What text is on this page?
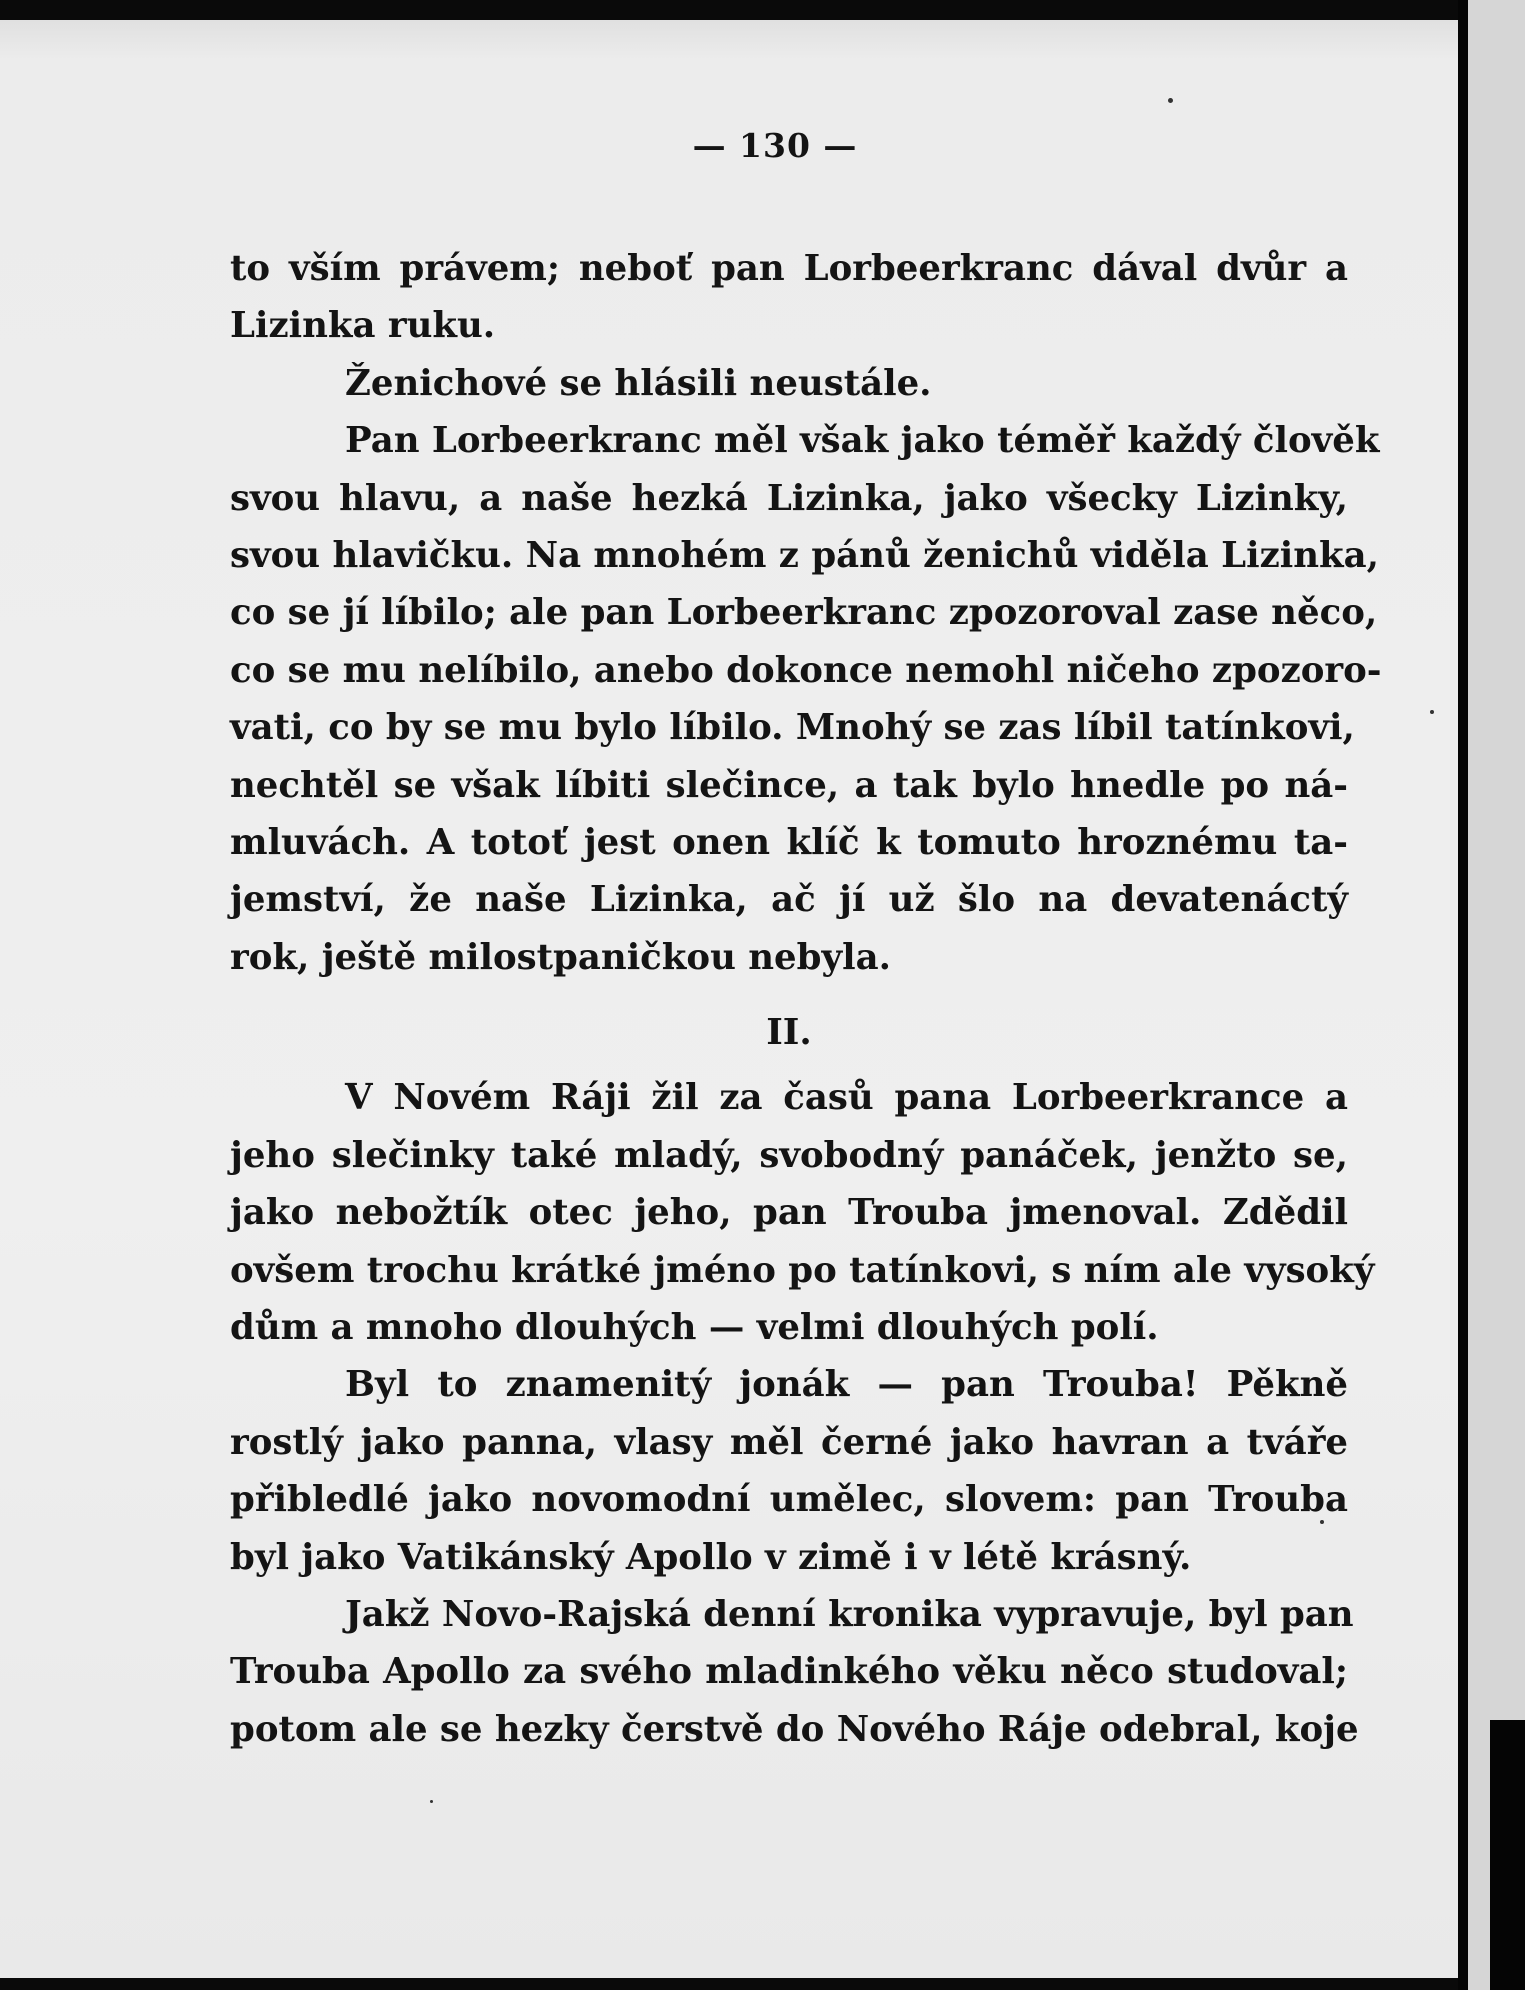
— 130 —
to vším právem; neboť pan Lorbeerkranc dával dvůr a
Lizinka ruku.
Ženichové se hlásili neustále.
Pan Lorbeerkranc měl však jako téměř každý člověk
svou hlavu, a naše hezká Lizinka, jako všecky Lizinky,
svou hlavičku. Na mnohém z pánů ženichů viděla Lizinka,
co se jí líbilo; ale pan Lorbeerkranc zpozoroval zase něco,
co se mu nelíbilo, anebo dokonce nemohl ničeho zpozoro-
vati, co by se mu bylo líbilo. Mnohý se zas líbil tatínkovi,
nechtěl se však líbiti slečince, a tak bylo hnedle po ná-
mluvách. A totoť jest onen klíč k tomuto hroznému ta-
jemství, že naše Lizinka, ač jí už šlo na devatenáctý
rok, ještě milostpaničkou nebyla.
II.
V Novém Ráji žil za časů pana Lorbeerkrance a
jeho slečinky také mladý, svobodný panáček, jenžto se,
jako nebožtík otec jeho, pan Trouba jmenoval. Zdědil
ovšem trochu krátké jméno po tatínkovi, s ním ale vysoký
dům a mnoho dlouhých — velmi dlouhých polí.
Byl to znamenitý jonák — pan Trouba! Pěkně
rostlý jako panna, vlasy měl černé jako havran a tváře
přibledlé jako novomodní umělec, slovem: pan Trouba
byl jako Vatikánský Apollo v zimě i v létě krásný.
Jakž Novo-Rajská denní kronika vypravuje, byl pan
Trouba Apollo za svého mladinkého věku něco studoval;
potom ale se hezky čerstvě do Nového Ráje odebral, koje
